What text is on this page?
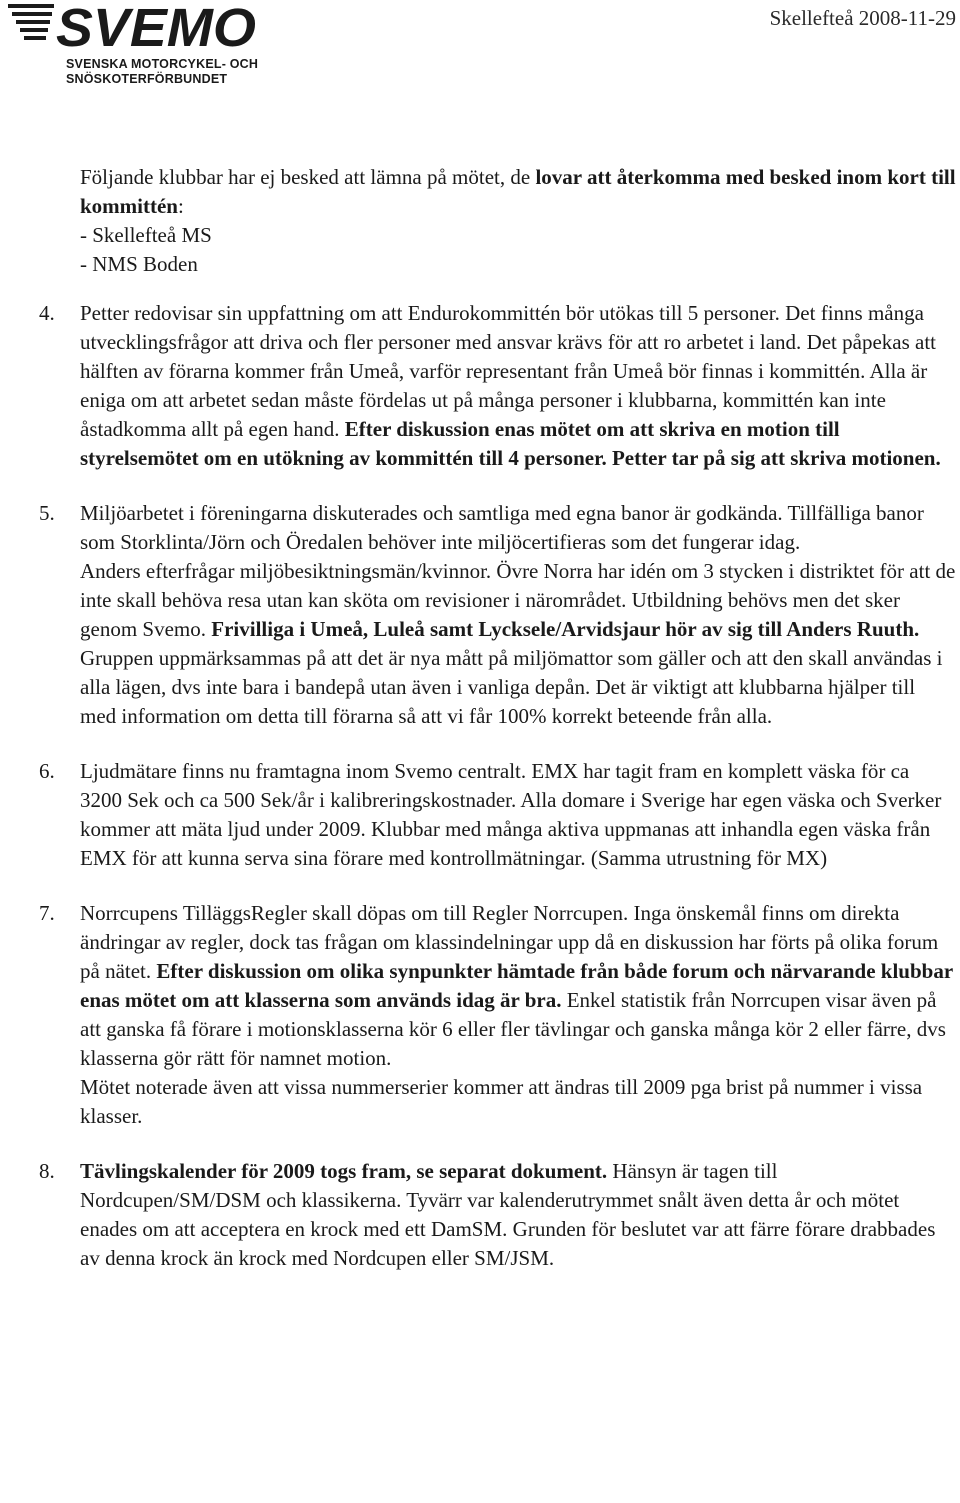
SVEMO
SVENSKA MOTORCYKEL- OCH
SNÖSKOTERFÖRBUNDET
Skellefteå 2008-11-29

Följande klubbar har ej besked att lämna på mötet, de lovar att återkomma med besked inom kort till kommittén:

- Skellefteå MS

- NMS Boden

4. Petter redovisar sin uppfattning om att Endurokommittén bör utökas till 5 personer. Det finns många utvecklingsfrågor att driva och fler personer med ansvar krävs för att ro arbetet i land. Det påpekas att hälften av förarna kommer från Umeå, varför representant från Umeå bör finnas i kommittén. Alla är eniga om att arbetet sedan måste fördelas ut på många personer i klubbarna, kommittén kan inte åstadkomma allt på egen hand. Efter diskussion enas mötet om att skriva en motion till styrelsemötet om en utökning av kommittén till 4 personer. Petter tar på sig att skriva motionen.

5. Miljöarbetet i föreningarna diskuterades och samtliga med egna banor är godkända. Tillfälliga banor som Storklinta/Jörn och Öredalen behöver inte miljöcertifieras som det fungerar idag.

Anders efterfrågar miljöbesiktningsmän/kvinnor. Övre Norra har idén om 3 stycken i distriktet för att de inte skall behöva resa utan kan sköta om revisioner i närområdet. Utbildning behövs men det sker genom Svemo. Frivilliga i Umeå, Luleå samt Lycksele/Arvidsjaur hör av sig till Anders Ruuth.

Gruppen uppmärksammas på att det är nya mått på miljömattor som gäller och att den skall användas i alla lägen, dvs inte bara i bandepå utan även i vanliga depån. Det är viktigt att klubbarna hjälper till med information om detta till förarna så att vi får 100% korrekt beteende från alla.

6. Ljudmätare finns nu framtagna inom Svemo centralt. EMX har tagit fram en komplett väska för ca 3200 Sek och ca 500 Sek/år i kalibreringskostnader. Alla domare i Sverige har egen väska och Sverker kommer att mäta ljud under 2009. Klubbar med många aktiva uppmanas att inhandla egen väska från EMX för att kunna serva sina förare med kontrollmätningar. (Samma utrustning för MX)

7. Norrcupens TilläggsRegler skall döpas om till Regler Norrcupen. Inga önskemål finns om direkta ändringar av regler, dock tas frågan om klassindelningar upp då en diskussion har förts på olika forum på nätet. Efter diskussion om olika synpunkter hämtade från både forum och närvarande klubbar enas mötet om att klasserna som används idag är bra. Enkel statistik från Norrcupen visar även på att ganska få förare i motionsklasserna kör 6 eller fler tävlingar och ganska många kör 2 eller färre, dvs klasserna gör rätt för namnet motion.

Mötet noterade även att vissa nummerserier kommer att ändras till 2009 pga brist på nummer i vissa klasser.

8. Tävlingskalender för 2009 togs fram, se separat dokument. Hänsyn är tagen till Nordcupen/SM/DSM och klassikerna. Tyvärr var kalenderutrymmet snålt även detta år och mötet enades om att acceptera en krock med ett DamSM. Grunden för beslutet var att färre förare drabbades av denna krock än krock med Nordcupen eller SM/JSM.
